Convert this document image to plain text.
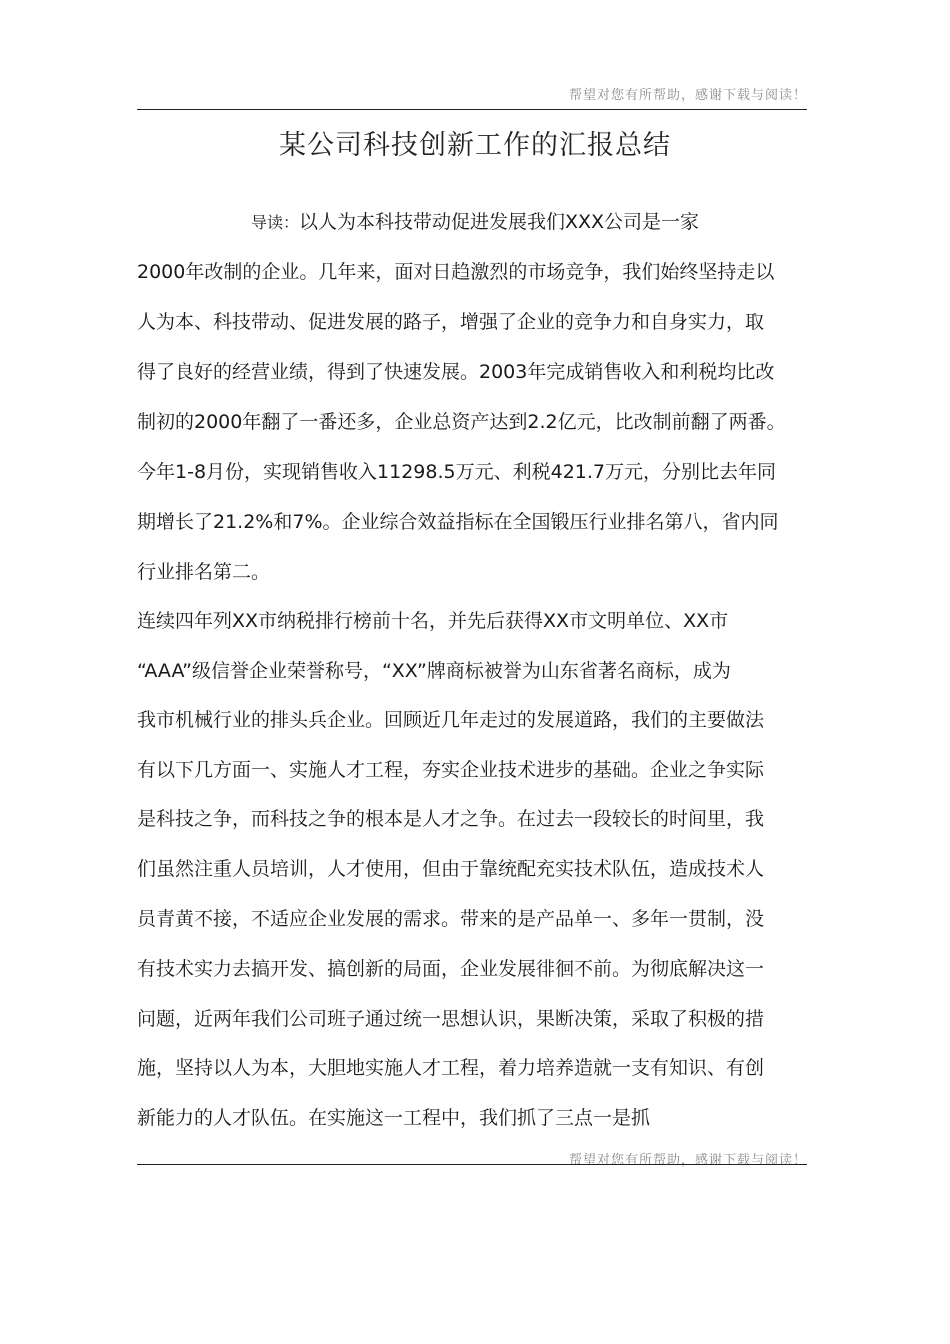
帮望对您有所帮助，感谢下载与阅读！
某公司科技创新工作的汇报总结
导读：以人为本科技带动促进发展我们XXX公司是一家
2000年改制的企业。几年来，面对日趋激烈的市场竞争，我们始终坚持走以
人为本、科技带动、促进发展的路子，增强了企业的竞争力和自身实力，取
得了良好的经营业绩，得到了快速发展。2003年完成销售收入和利税均比改
制初的2000年翻了一番还多，企业总资产达到2.2亿元，比改制前翻了两番。
今年1-8月份，实现销售收入11298.5万元、利税421.7万元，分别比去年同
期增长了21.2%和7%。企业综合效益指标在全国锻压行业排名第八，省内同
行业排名第二。
连续四年列XX市纳税排行榜前十名，并先后获得XX市文明单位、XX市
“AAA”级信誉企业荣誉称号，“XX”牌商标被誉为山东省著名商标，成为
我市机械行业的排头兵企业。回顾近几年走过的发展道路，我们的主要做法
有以下几方面一、实施人才工程，夯实企业技术进步的基础。企业之争实际
是科技之争，而科技之争的根本是人才之争。在过去一段较长的时间里，我
们虽然注重人员培训，人才使用，但由于靠统配充实技术队伍，造成技术人
员青黄不接，不适应企业发展的需求。带来的是产品单一、多年一贯制，没
有技术实力去搞开发、搞创新的局面，企业发展徘徊不前。为彻底解决这一
问题，近两年我们公司班子通过统一思想认识，果断决策，采取了积极的措
施，坚持以人为本，大胆地实施人才工程，着力培养造就一支有知识、有创
新能力的人才队伍。在实施这一工程中，我们抓了三点一是抓
帮望对您有所帮助，感谢下载与阅读！
